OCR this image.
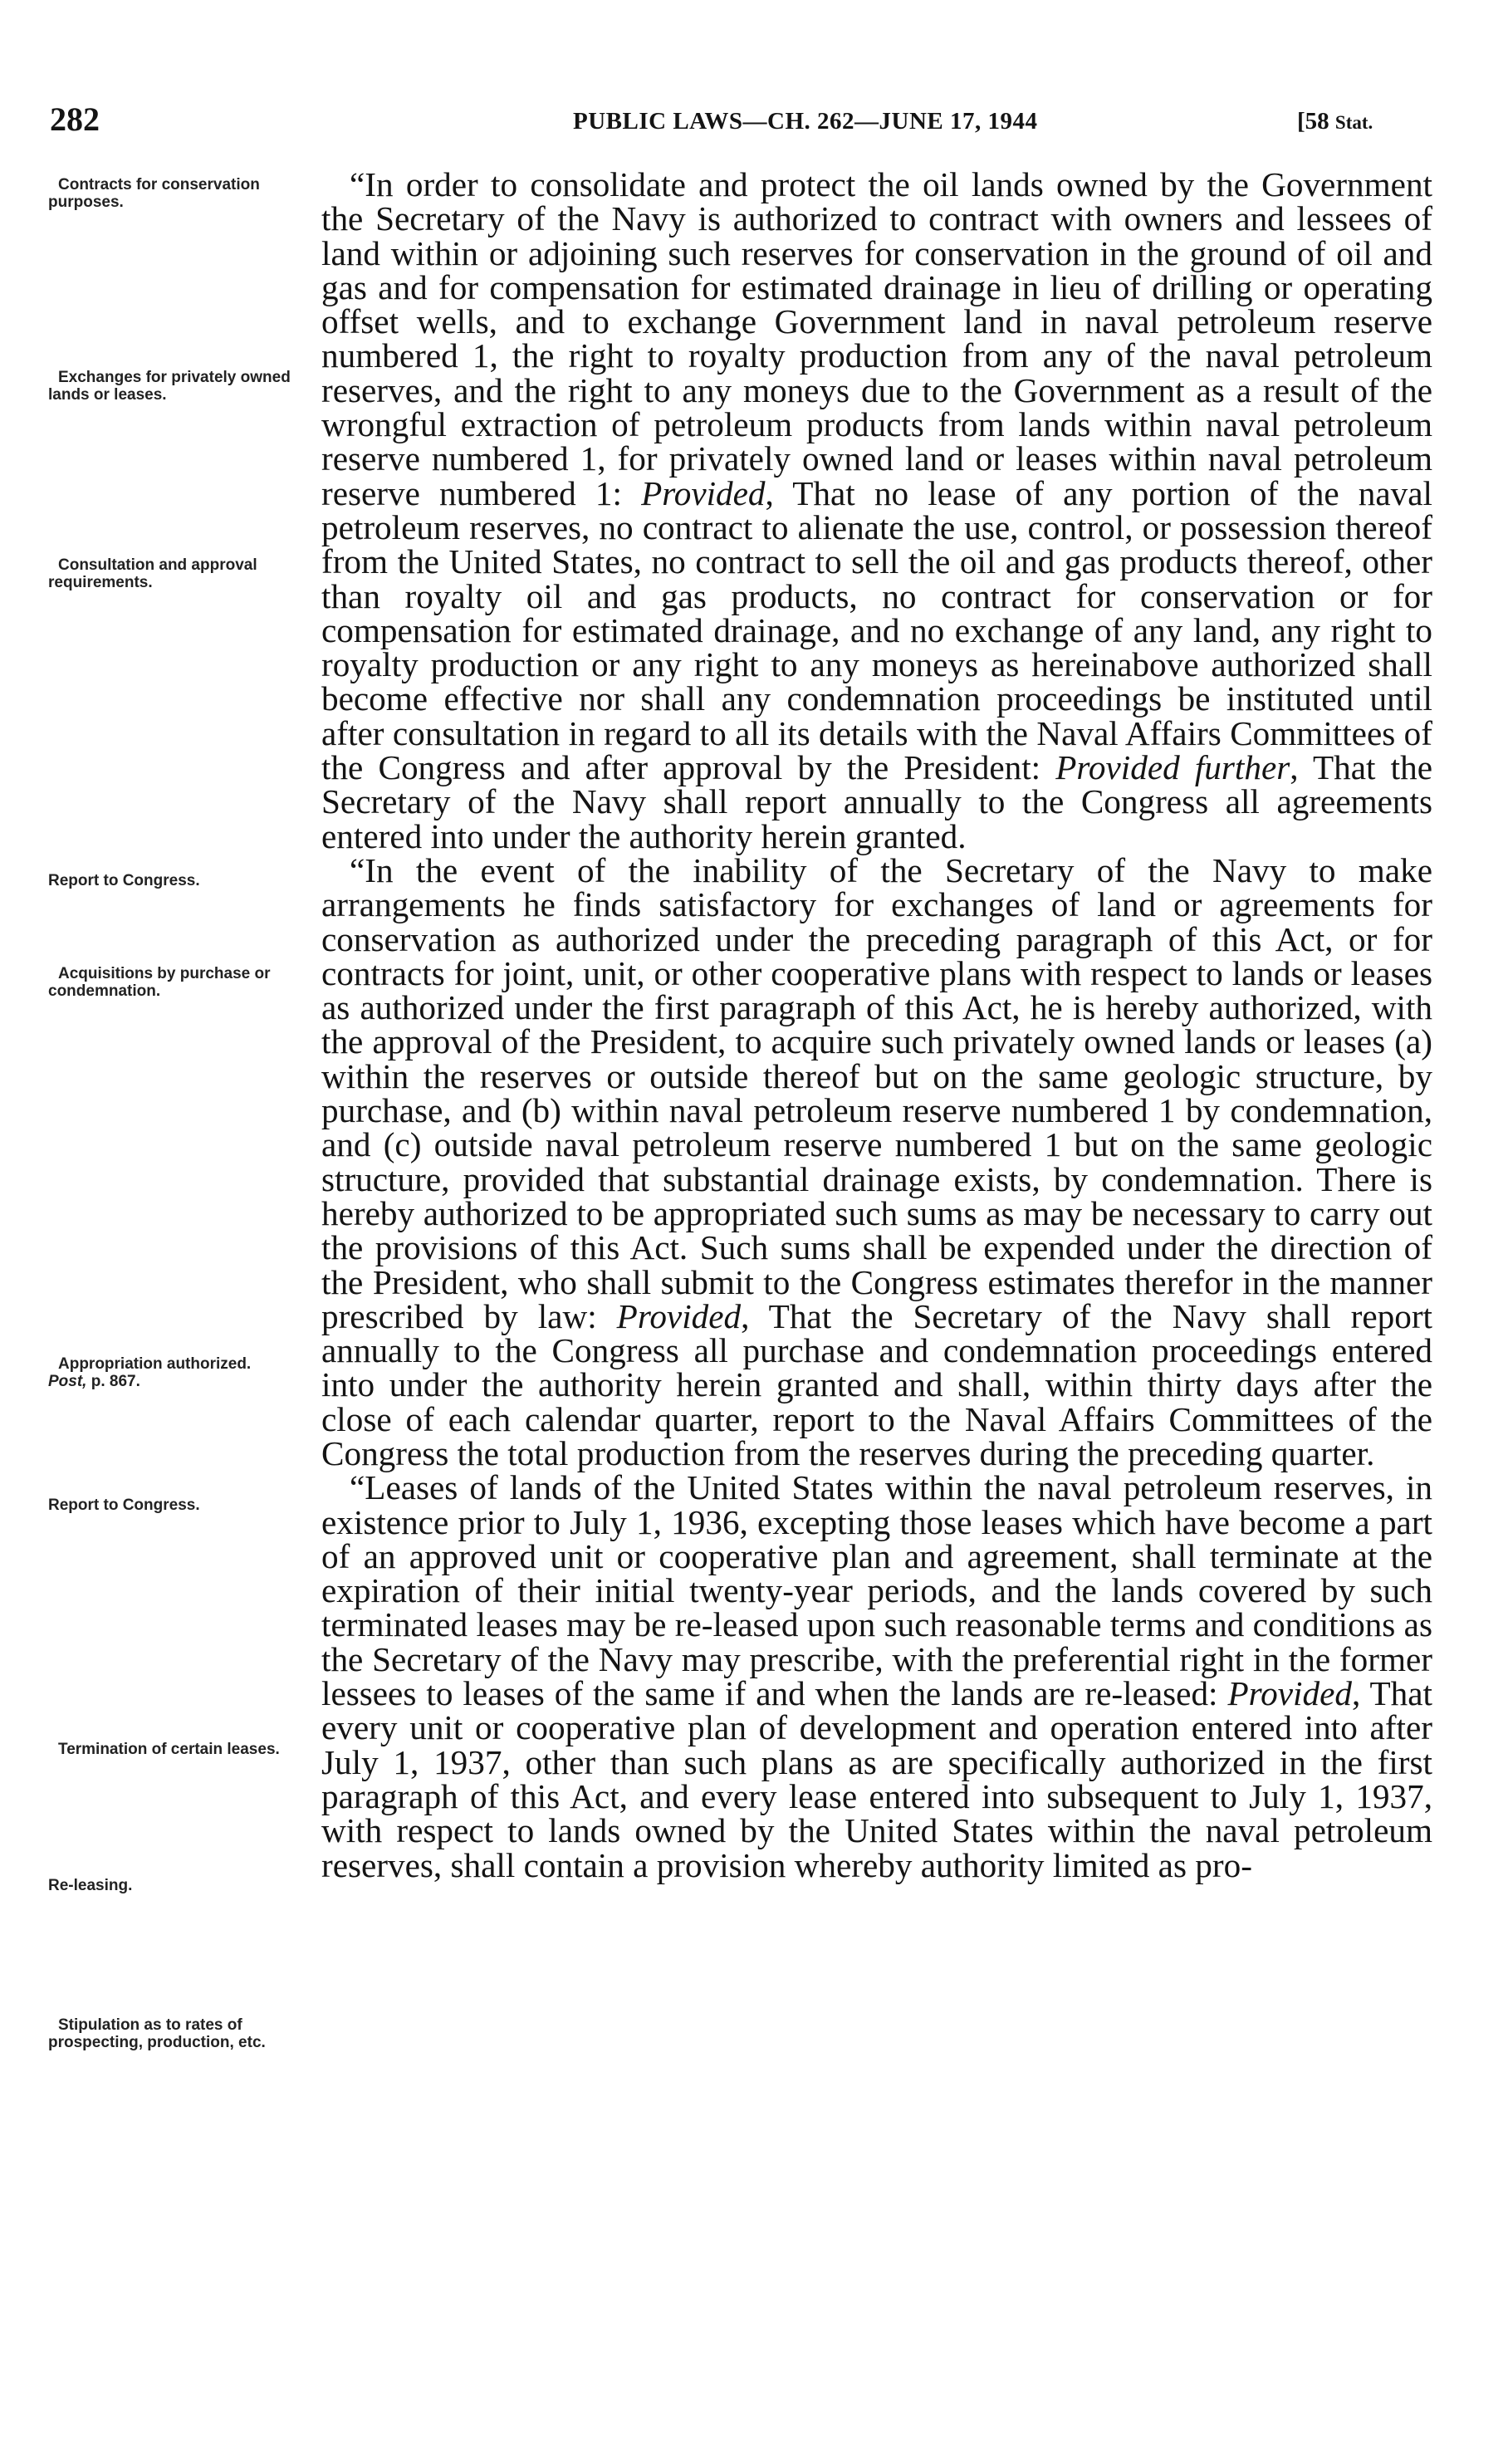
282	PUBLIC LAWS—CH. 262—JUNE 17, 1944	[58 Stat.
Contracts for conservation purposes.
Exchanges for privately owned lands or leases.
Consultation and approval requirements.
Report to Congress.
Acquisitions by purchase or condemnation.
Appropriation authorized.
Post, p. 867.
Report to Congress.
Termination of certain leases.
Re-leasing.
Stipulation as to rates of prospecting, production, etc.

“In order to consolidate and protect the oil lands owned by the Government the Secretary of the Navy is authorized to contract with owners and lessees of land within or adjoining such reserves for conservation in the ground of oil and gas and for compensation for estimated drainage in lieu of drilling or operating offset wells, and to exchange Government land in naval petroleum reserve numbered 1, the right to royalty production from any of the naval petroleum reserves, and the right to any moneys due to the Government as a result of the wrongful extraction of petroleum products from lands within naval petroleum reserve numbered 1, for privately owned land or leases within naval petroleum reserve numbered 1: Provided, That no lease of any portion of the naval petroleum reserves, no contract to alienate the use, control, or possession thereof from the United States, no contract to sell the oil and gas products thereof, other than royalty oil and gas products, no contract for conservation or for compensation for estimated drainage, and no exchange of any land, any right to royalty production or any right to any moneys as hereinabove authorized shall become effective nor shall any condemnation proceedings be instituted until after consultation in regard to all its details with the Naval Affairs Committees of the Congress and after approval by the President: Provided further, That the Secretary of the Navy shall report annually to the Congress all agreements entered into under the authority herein granted.

“In the event of the inability of the Secretary of the Navy to make arrangements he finds satisfactory for exchanges of land or agreements for conservation as authorized under the preceding paragraph of this Act, or for contracts for joint, unit, or other cooperative plans with respect to lands or leases as authorized under the first paragraph of this Act, he is hereby authorized, with the approval of the President, to acquire such privately owned lands or leases (a) within the reserves or outside thereof but on the same geologic structure, by purchase, and (b) within naval petroleum reserve numbered 1 by condemnation, and (c) outside naval petroleum reserve numbered 1 but on the same geologic structure, provided that substantial drainage exists, by condemnation. There is hereby authorized to be appropriated such sums as may be necessary to carry out the provisions of this Act. Such sums shall be expended under the direction of the President, who shall submit to the Congress estimates therefor in the manner prescribed by law: Provided, That the Secretary of the Navy shall report annually to the Congress all purchase and condemnation proceedings entered into under the authority herein granted and shall, within thirty days after the close of each calendar quarter, report to the Naval Affairs Committees of the Congress the total production from the reserves during the preceding quarter.

“Leases of lands of the United States within the naval petroleum reserves, in existence prior to July 1, 1936, excepting those leases which have become a part of an approved unit or cooperative plan and agreement, shall terminate at the expiration of their initial twenty-year periods, and the lands covered by such terminated leases may be re-leased upon such reasonable terms and conditions as the Secretary of the Navy may prescribe, with the preferential right in the former lessees to leases of the same if and when the lands are re-leased: Provided, That every unit or cooperative plan of development and operation entered into after July 1, 1937, other than such plans as are specifically authorized in the first paragraph of this Act, and every lease entered into subsequent to July 1, 1937, with respect to lands owned by the United States within the naval petroleum reserves, shall contain a provision whereby authority limited as pro-
